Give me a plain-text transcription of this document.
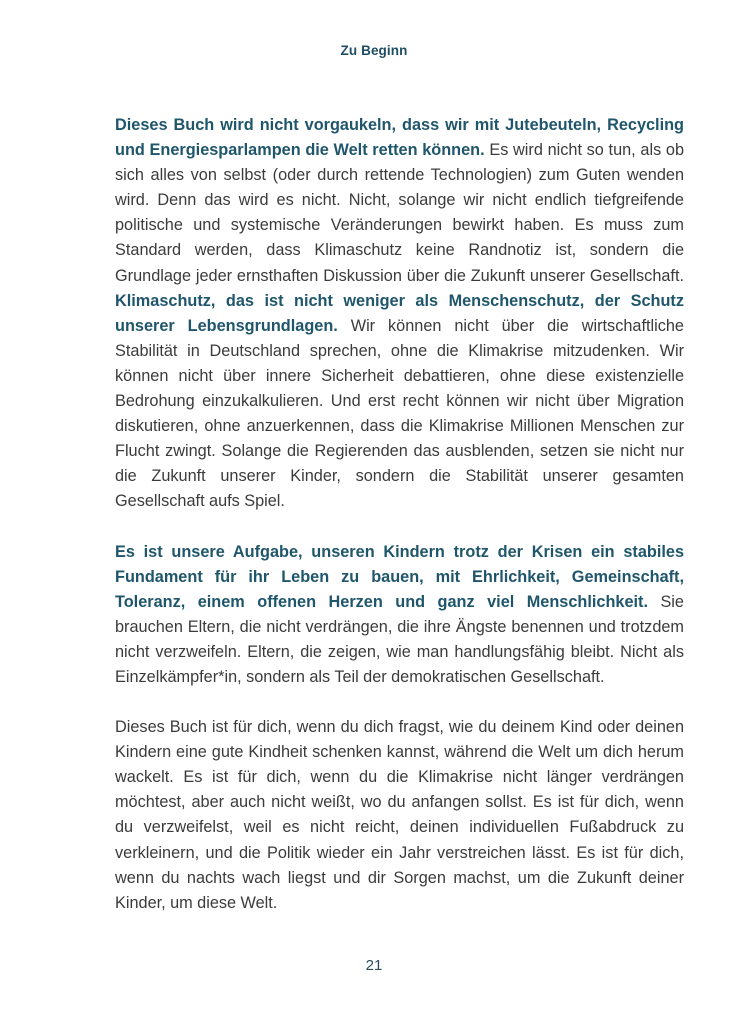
Zu Beginn

Dieses Buch wird nicht vorgaukeln, dass wir mit Jutebeuteln, Recycling und Energiesparlampen die Welt retten können. Es wird nicht so tun, als ob sich alles von selbst (oder durch rettende Technologien) zum Guten wenden wird. Denn das wird es nicht. Nicht, solange wir nicht endlich tiefgreifende politische und systemische Veränderungen bewirkt haben. Es muss zum Standard werden, dass Klimaschutz keine Randnotiz ist, sondern die Grundlage jeder ernsthaften Diskussion über die Zukunft unserer Gesellschaft. Klimaschutz, das ist nicht weniger als Menschenschutz, der Schutz unserer Lebensgrundlagen. Wir können nicht über die wirtschaftliche Stabilität in Deutschland sprechen, ohne die Klimakrise mitzudenken. Wir können nicht über innere Sicherheit debattieren, ohne diese existenzielle Bedrohung einzukalkulieren. Und erst recht können wir nicht über Migration diskutieren, ohne anzuerkennen, dass die Klimakrise Millionen Menschen zur Flucht zwingt. Solange die Regierenden das ausblenden, setzen sie nicht nur die Zukunft unserer Kinder, sondern die Stabilität unserer gesamten Gesellschaft aufs Spiel.

Es ist unsere Aufgabe, unseren Kindern trotz der Krisen ein stabiles Fundament für ihr Leben zu bauen, mit Ehrlichkeit, Gemeinschaft, Toleranz, einem offenen Herzen und ganz viel Menschlichkeit. Sie brauchen Eltern, die nicht verdrängen, die ihre Ängste benennen und trotzdem nicht verzweifeln. Eltern, die zeigen, wie man handlungsfähig bleibt. Nicht als Einzelkämpfer*in, sondern als Teil der demokratischen Gesellschaft.

Dieses Buch ist für dich, wenn du dich fragst, wie du deinem Kind oder deinen Kindern eine gute Kindheit schenken kannst, während die Welt um dich herum wackelt. Es ist für dich, wenn du die Klimakrise nicht länger verdrängen möchtest, aber auch nicht weißt, wo du anfangen sollst. Es ist für dich, wenn du verzweifelst, weil es nicht reicht, deinen individuellen Fußabdruck zu verkleinern, und die Politik wieder ein Jahr verstreichen lässt. Es ist für dich, wenn du nachts wach liegst und dir Sorgen machst, um die Zukunft deiner Kinder, um diese Welt.

21
